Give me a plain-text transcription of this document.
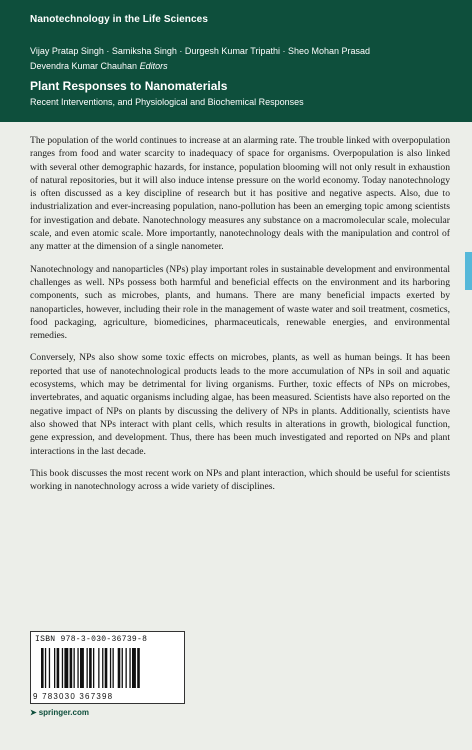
Nanotechnology in the Life Sciences
Vijay Pratap Singh · Samiksha Singh · Durgesh Kumar Tripathi · Sheo Mohan Prasad
Devendra Kumar Chauhan Editors
Plant Responses to Nanomaterials
Recent Interventions, and Physiological and Biochemical Responses

The population of the world continues to increase at an alarming rate. The trouble linked with overpopulation ranges from food and water scarcity to inadequacy of space for organisms. Overpopulation is also linked with several other demographic hazards, for instance, population blooming will not only result in exhaustion of natural repositories, but it will also induce intense pressure on the world economy. Today nanotechnology is often discussed as a key discipline of research but it has positive and negative aspects. Also, due to industrialization and ever-increasing population, nano-pollution has been an emerging topic among scientists for investigation and debate. Nanotechnology measures any substance on a macromolecular scale, molecular scale, and even atomic scale. More importantly, nanotechnology deals with the manipulation and control of any matter at the dimension of a single nanometer.

Nanotechnology and nanoparticles (NPs) play important roles in sustainable development and environmental challenges as well. NPs possess both harmful and beneficial effects on the environment and its harboring components, such as microbes, plants, and humans. There are many beneficial impacts exerted by nanoparticles, however, including their role in the management of waste water and soil treatment, cosmetics, food packaging, agriculture, biomedicines, pharmaceuticals, renewable energies, and environmental remedies.

Conversely, NPs also show some toxic effects on microbes, plants, as well as human beings. It has been reported that use of nanotechnological products leads to the more accumulation of NPs in soil and aquatic ecosystems, which may be detrimental for living organisms. Further, toxic effects of NPs on microbes, invertebrates, and aquatic organisms including algae, has been measured. Scientists have also reported on the negative impact of NPs on plants by discussing the delivery of NPs in plants. Additionally, scientists have also showed that NPs interact with plant cells, which results in alterations in growth, biological function, gene expression, and development. Thus, there has been much investigated and reported on NPs and plant interactions in the last decade.

This book discusses the most recent work on NPs and plant interaction, which should be useful for scientists working in nanotechnology across a wide variety of disciplines.

ISBN 978-3-030-36739-8
9 783030 367398
➤ springer.com
